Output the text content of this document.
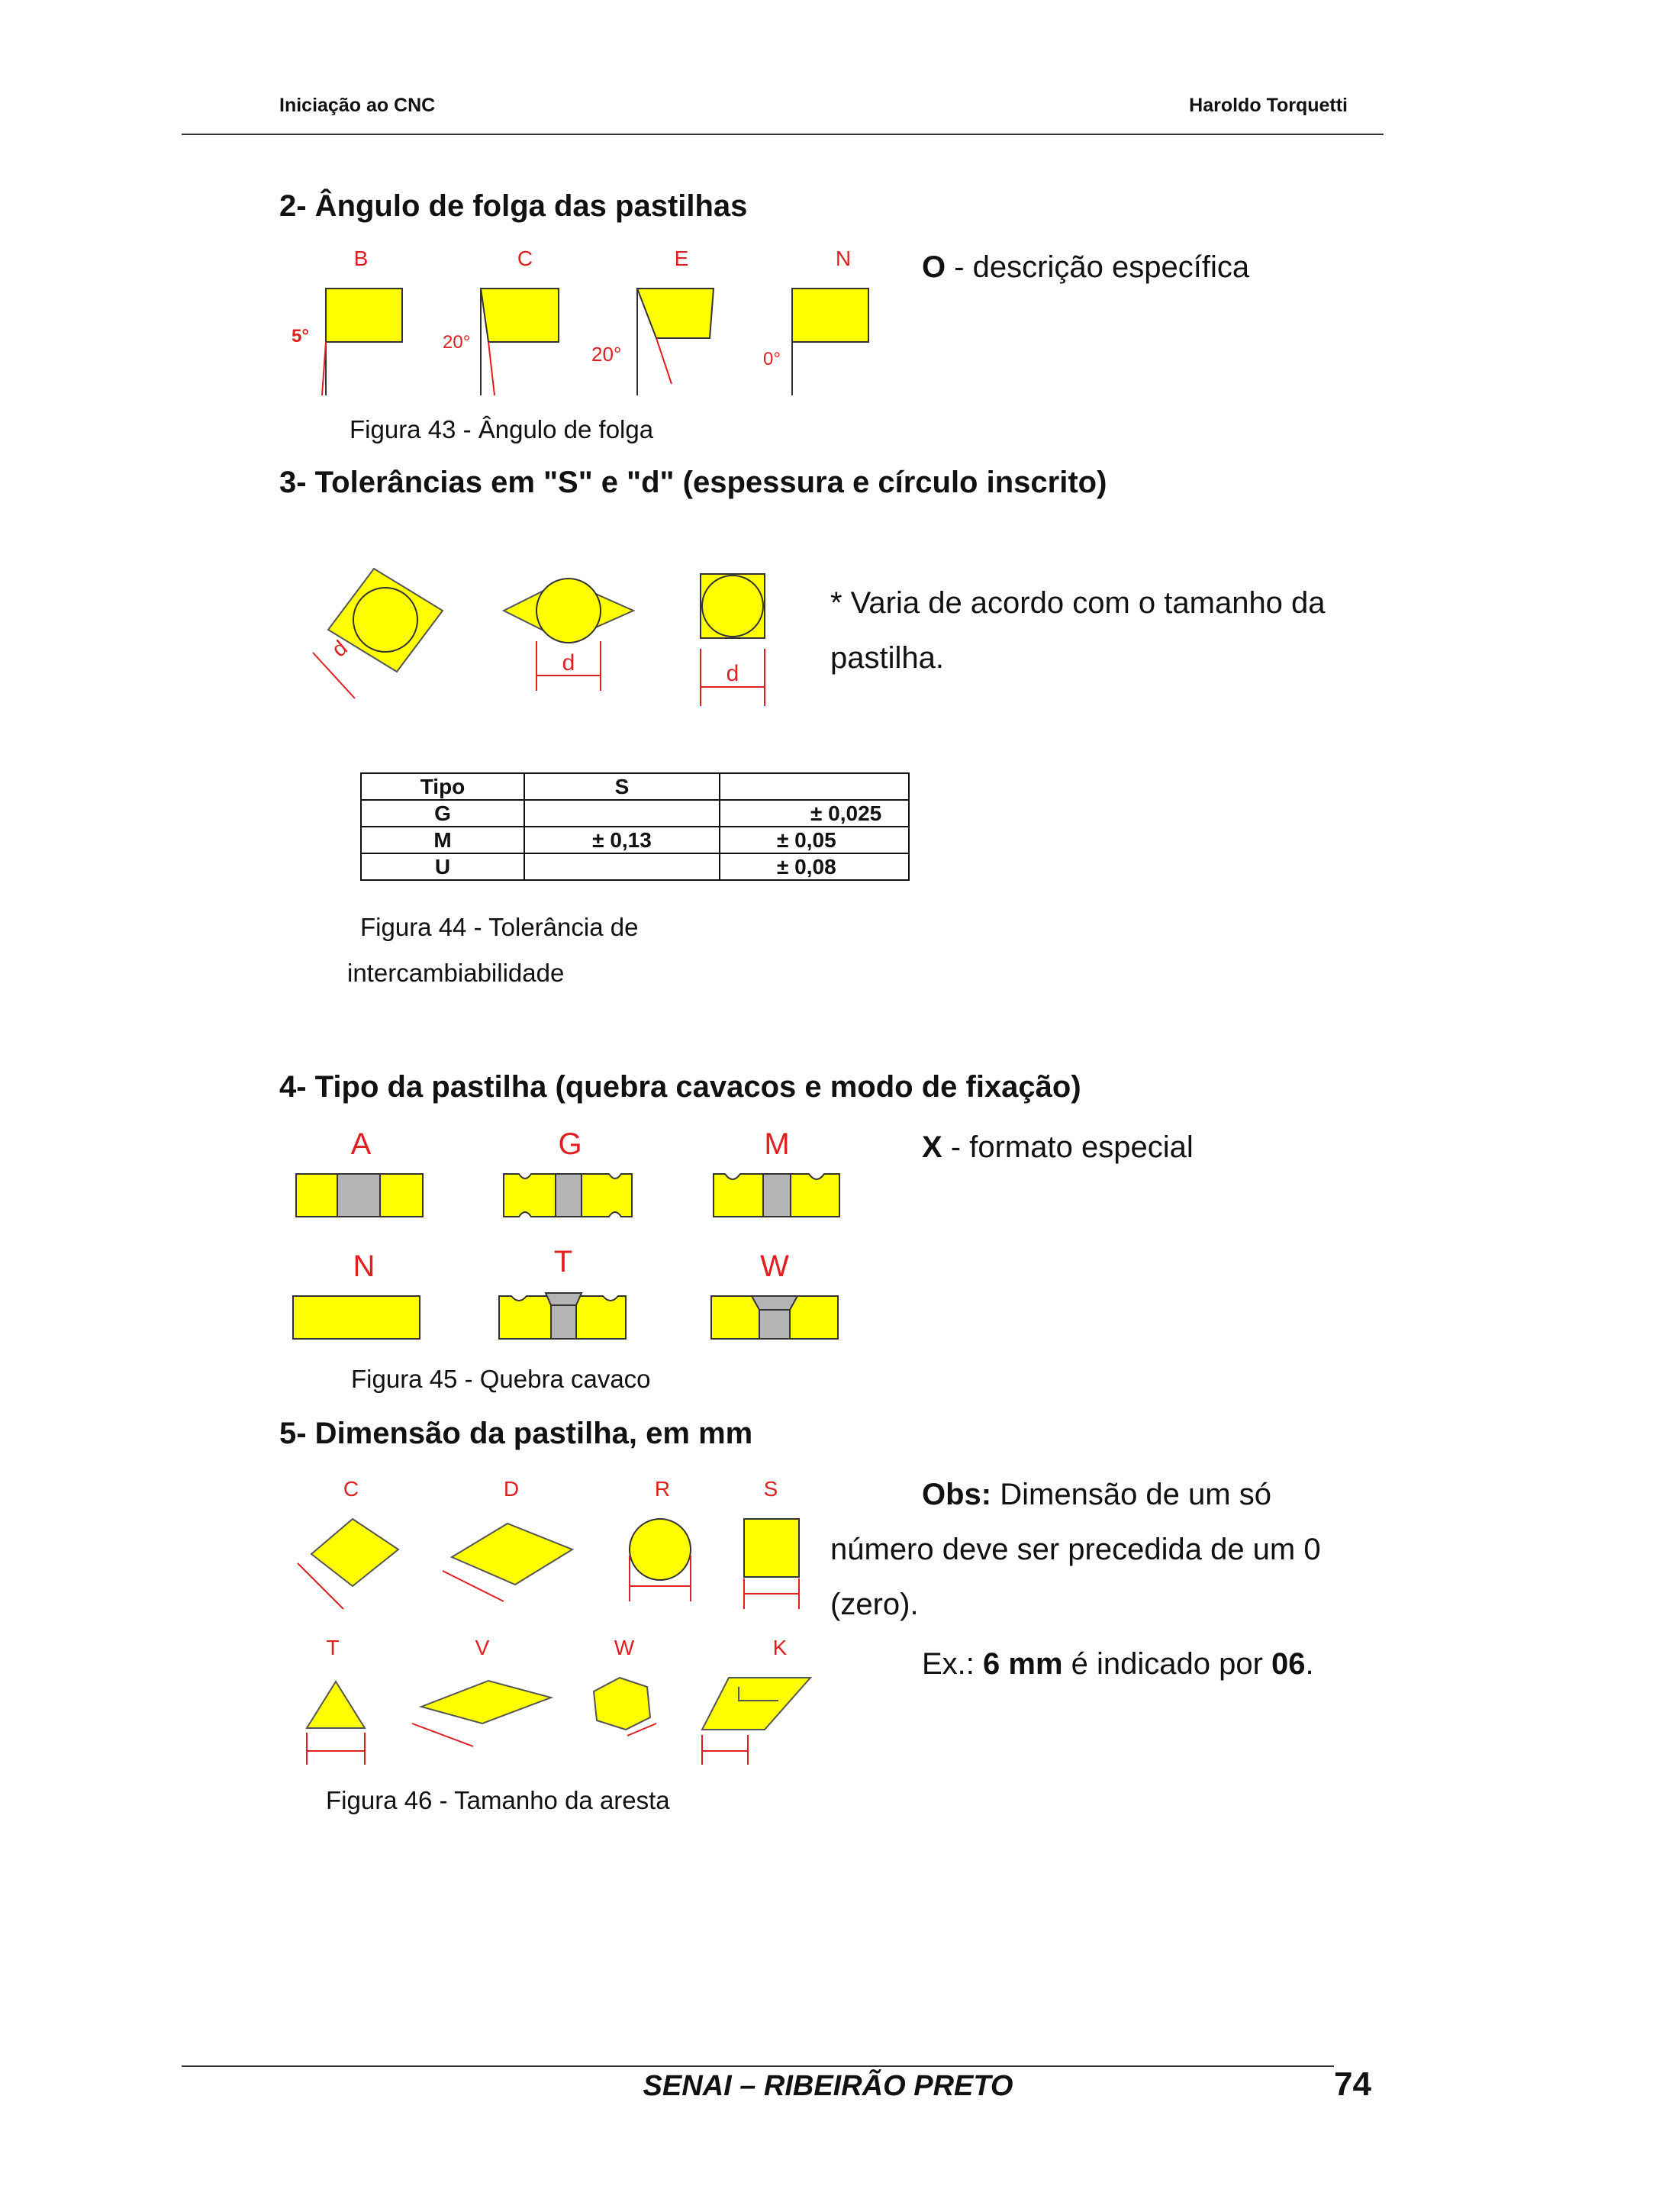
Iniciação ao CNC	Haroldo Torquetti
2- Ângulo de folga das pastilhas
B
5°
C
20°
E
20°
N
0°
O - descrição específica
Figura 43 - Ângulo de folga
3- Tolerâncias em "S" e "d" (espessura e círculo inscrito)
d
d	d
* Varia de acordo com o tamanho da
pastilha.
Tipo	S	
G		± 0,025
M	± 0,13	± 0,05
U		± 0,08
Figura 44 - Tolerância de
intercambiabilidade
4- Tipo da pastilha (quebra cavacos e modo de fixação)
A	G	M
N	T	W
X - formato especial
Figura 45 - Quebra cavaco
5- Dimensão da pastilha, em mm
C	D	R	S
T	V	W	K
Obs: Dimensão de um só
número deve ser precedida de um 0
(zero).
Ex.: 6 mm é indicado por 06.
Figura 46 - Tamanho da aresta
SENAI – RIBEIRÃO PRETO	74
